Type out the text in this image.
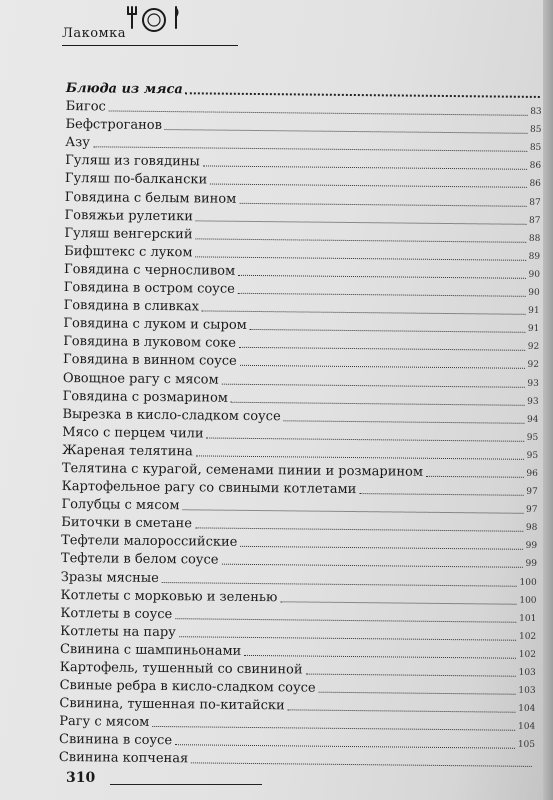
Лакомка
Блюда из мяса
Бигос	83
Бефстроганов	85
Азу	85
Гуляш из говядины	86
Гуляш по-балкански	86
Говядина с белым вином	87
Говяжьи рулетики	87
Гуляш венгерский	88
Бифштекс с луком	89
Говядина с черносливом	90
Говядина в остром соусе	90
Говядина в сливках	91
Говядина с луком и сыром	91
Говядина в луковом соке	92
Говядина в винном соусе	92
Овощное рагу с мясом	93
Говядина с розмарином	93
Вырезка в кисло-сладком соусе	94
Мясо с перцем чили	95
Жареная телятина	95
Телятина с курагой, семенами пинии и розмарином	96
Картофельное рагу со свиными котлетами	97
Голубцы с мясом	97
Биточки в сметане	98
Тефтели малороссийские	99
Тефтели в белом соусе	99
Зразы мясные	100
Котлеты с морковью и зеленью	100
Котлеты в соусе	101
Котлеты на пару	102
Свинина с шампиньонами	102
Картофель, тушенный со свининой	103
Свиные ребра в кисло-сладком соусе	103
Свинина, тушенная по-китайски	104
Рагу с мясом	104
Свинина в соусе	105
Свинина копченая
310
